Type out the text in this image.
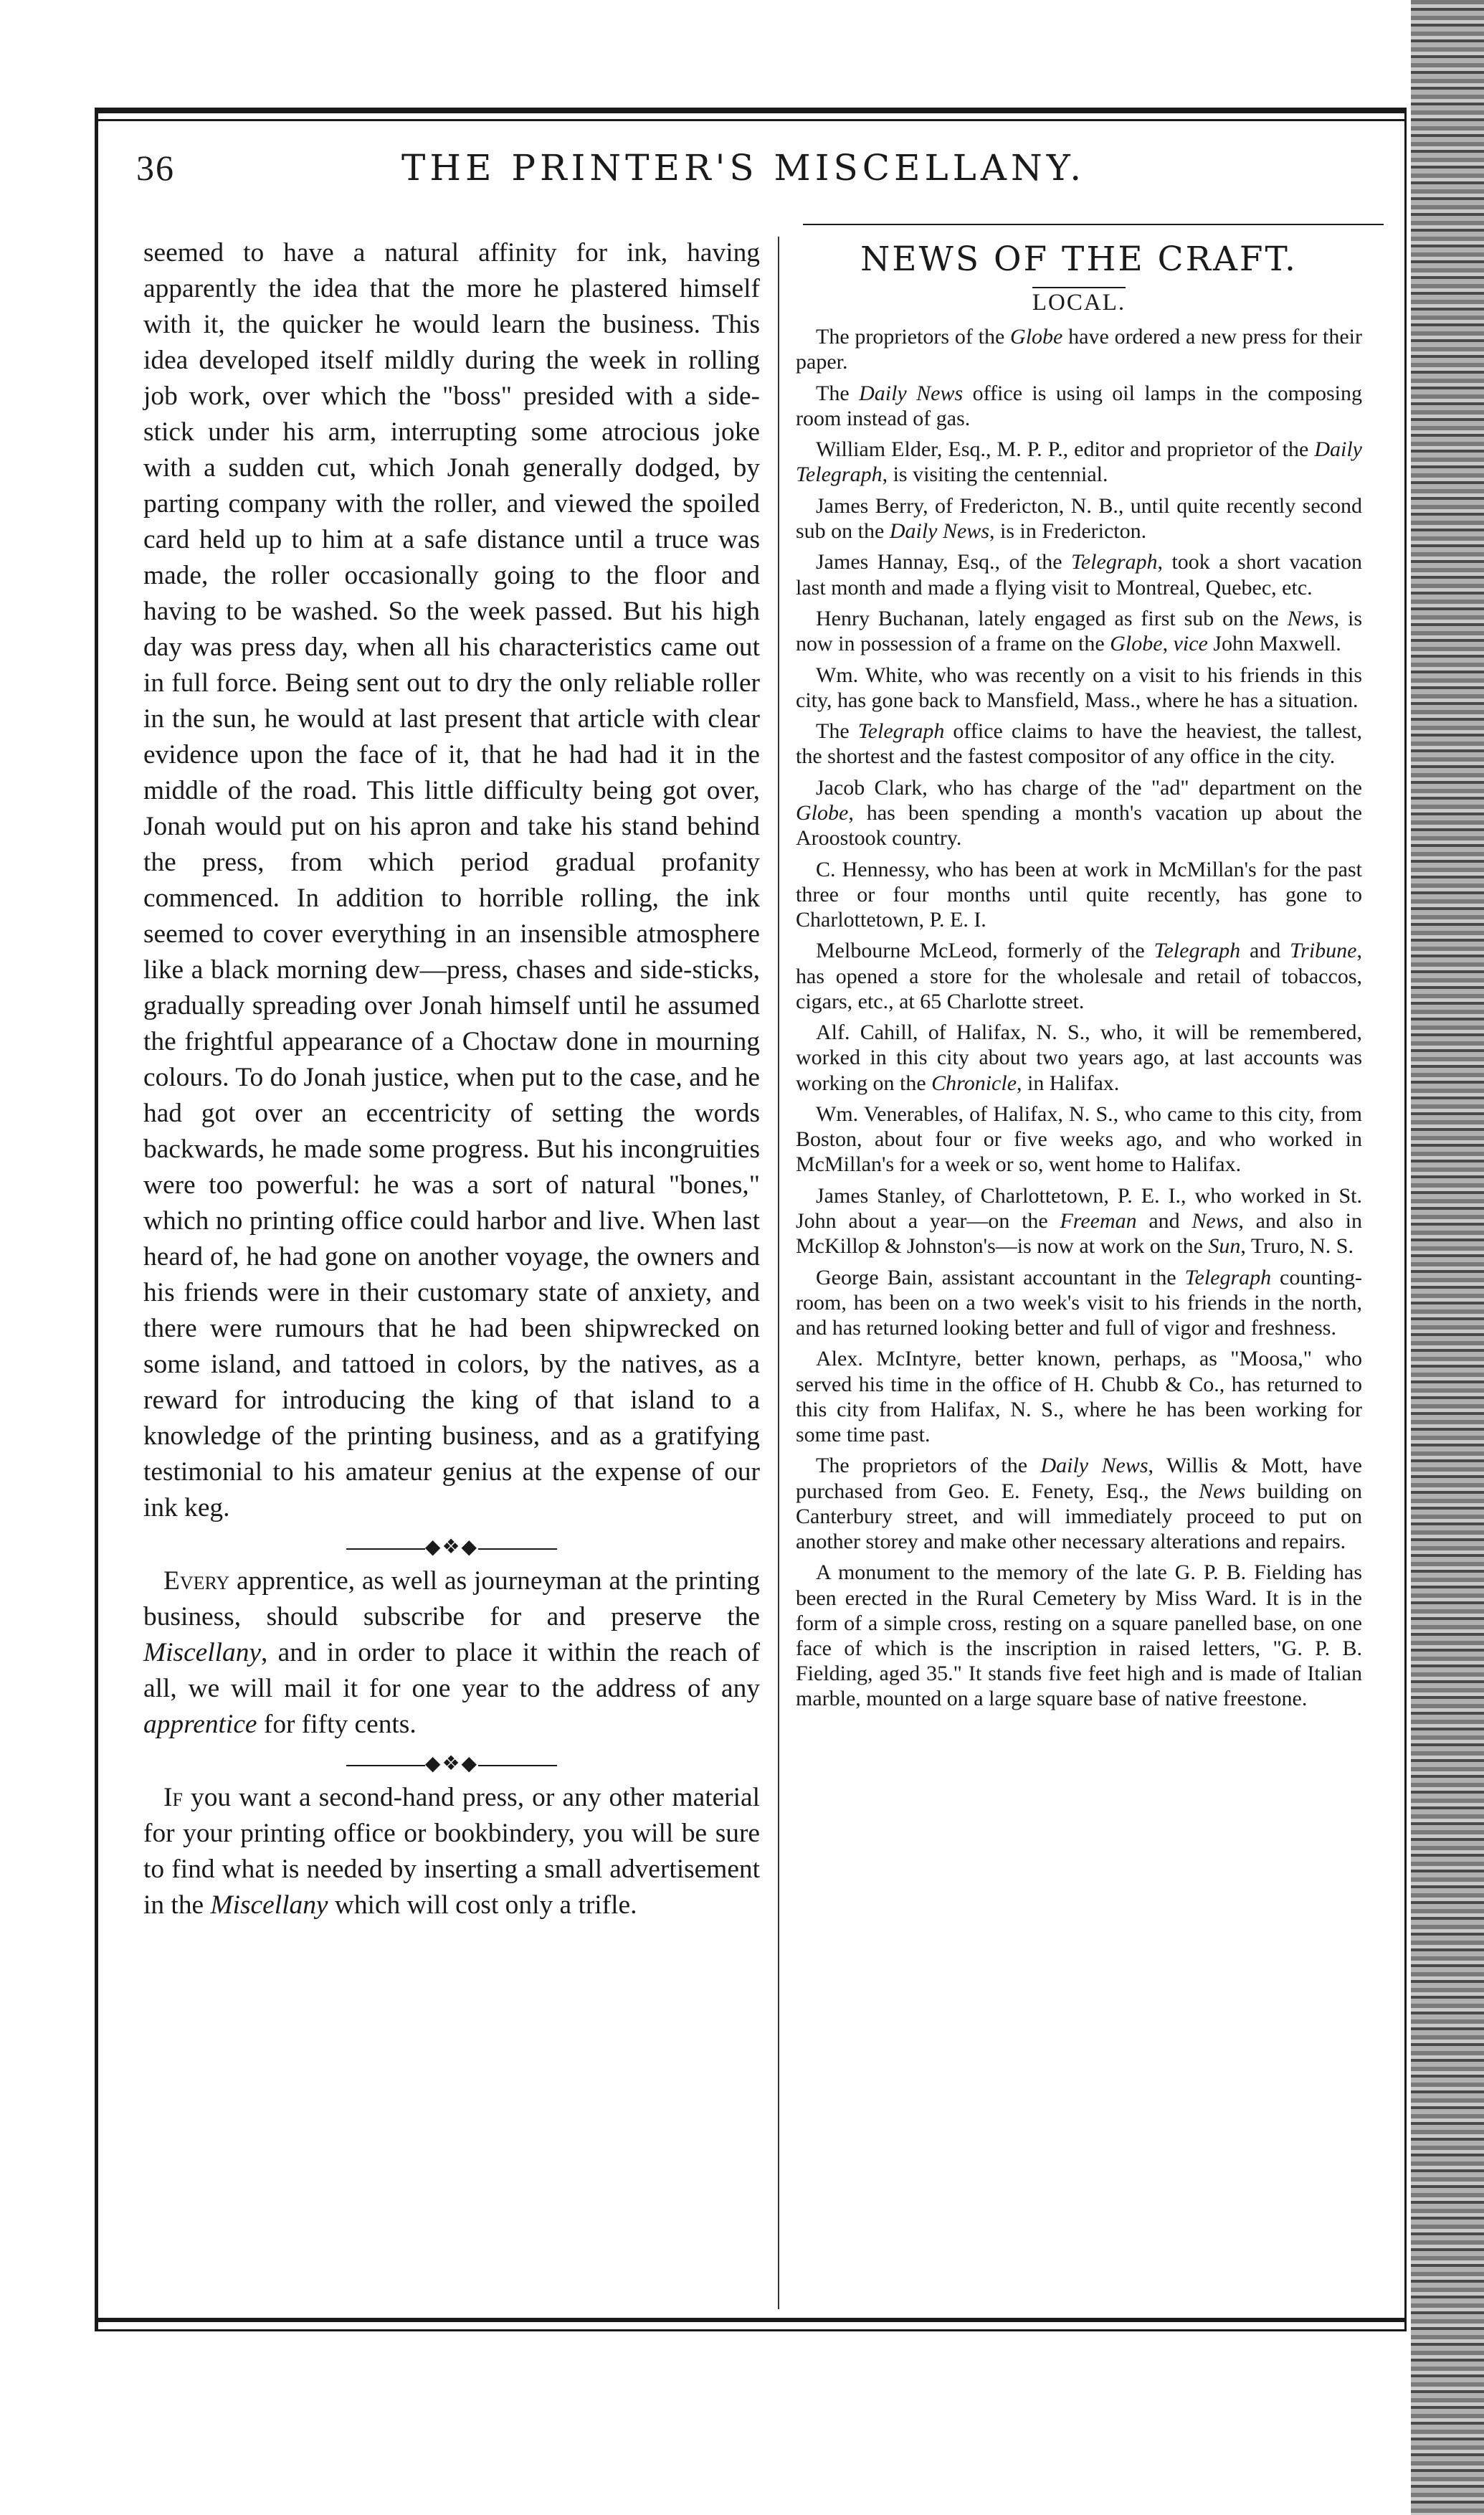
36	THE PRINTER'S MISCELLANY.

seemed to have a natural affinity for ink, having apparently the idea that the more he plastered himself with it, the quicker he would learn the business. This idea developed itself mildly during the week in rolling job work, over which the "boss" presided with a side-stick under his arm, interrupting some atrocious joke with a sudden cut, which Jonah generally dodged, by parting company with the roller, and viewed the spoiled card held up to him at a safe distance until a truce was made, the roller occasionally going to the floor and having to be washed. So the week passed. But his high day was press day, when all his characteristics came out in full force. Being sent out to dry the only reliable roller in the sun, he would at last present that article with clear evidence upon the face of it, that he had had it in the middle of the road. This little difficulty being got over, Jonah would put on his apron and take his stand behind the press, from which period gradual profanity commenced. In addition to horrible rolling, the ink seemed to cover everything in an insensible atmosphere like a black morning dew—press, chases and side-sticks, gradually spreading over Jonah himself until he assumed the frightful appearance of a Choctaw done in mourning colours. To do Jonah justice, when put to the case, and he had got over an eccentricity of setting the words backwards, he made some progress. But his incongruities were too powerful: he was a sort of natural "bones," which no printing office could harbor and live. When last heard of, he had gone on another voyage, the owners and his friends were in their customary state of anxiety, and there were rumours that he had been shipwrecked on some island, and tattoed in colors, by the natives, as a reward for introducing the king of that island to a knowledge of the printing business, and as a gratifying testimonial to his amateur genius at the expense of our ink keg.

◆❖◆

Every apprentice, as well as journeyman at the printing business, should subscribe for and preserve the Miscellany, and in order to place it within the reach of all, we will mail it for one year to the address of any apprentice for fifty cents.

◆❖◆

If you want a second-hand press, or any other material for your printing office or bookbindery, you will be sure to find what is needed by inserting a small advertisement in the Miscellany which will cost only a trifle.

NEWS OF THE CRAFT.
LOCAL.

The proprietors of the Globe have ordered a new press for their paper.

The Daily News office is using oil lamps in the composing room instead of gas.

William Elder, Esq., M. P. P., editor and proprietor of the Daily Telegraph, is visiting the centennial.

James Berry, of Fredericton, N. B., until quite recently second sub on the Daily News, is in Fredericton.

James Hannay, Esq., of the Telegraph, took a short vacation last month and made a flying visit to Montreal, Quebec, etc.

Henry Buchanan, lately engaged as first sub on the News, is now in possession of a frame on the Globe, vice John Maxwell.

Wm. White, who was recently on a visit to his friends in this city, has gone back to Mansfield, Mass., where he has a situation.

The Telegraph office claims to have the heaviest, the tallest, the shortest and the fastest compositor of any office in the city.

Jacob Clark, who has charge of the "ad" department on the Globe, has been spending a month's vacation up about the Aroostook country.

C. Hennessy, who has been at work in McMillan's for the past three or four months until quite recently, has gone to Charlottetown, P. E. I.

Melbourne McLeod, formerly of the Telegraph and Tribune, has opened a store for the wholesale and retail of tobaccos, cigars, etc., at 65 Charlotte street.

Alf. Cahill, of Halifax, N. S., who, it will be remembered, worked in this city about two years ago, at last accounts was working on the Chronicle, in Halifax.

Wm. Venerables, of Halifax, N. S., who came to this city, from Boston, about four or five weeks ago, and who worked in McMillan's for a week or so, went home to Halifax.

James Stanley, of Charlottetown, P. E. I., who worked in St. John about a year—on the Freeman and News, and also in McKillop & Johnston's—is now at work on the Sun, Truro, N. S.

George Bain, assistant accountant in the Telegraph counting-room, has been on a two week's visit to his friends in the north, and has returned looking better and full of vigor and freshness.

Alex. McIntyre, better known, perhaps, as "Moosa," who served his time in the office of H. Chubb & Co., has returned to this city from Halifax, N. S., where he has been working for some time past.

The proprietors of the Daily News, Willis & Mott, have purchased from Geo. E. Fenety, Esq., the News building on Canterbury street, and will immediately proceed to put on another storey and make other necessary alterations and repairs.

A monument to the memory of the late G. P. B. Fielding has been erected in the Rural Cemetery by Miss Ward. It is in the form of a simple cross, resting on a square panelled base, on one face of which is the inscription in raised letters, "G. P. B. Fielding, aged 35." It stands five feet high and is made of Italian marble, mounted on a large square base of native freestone.
